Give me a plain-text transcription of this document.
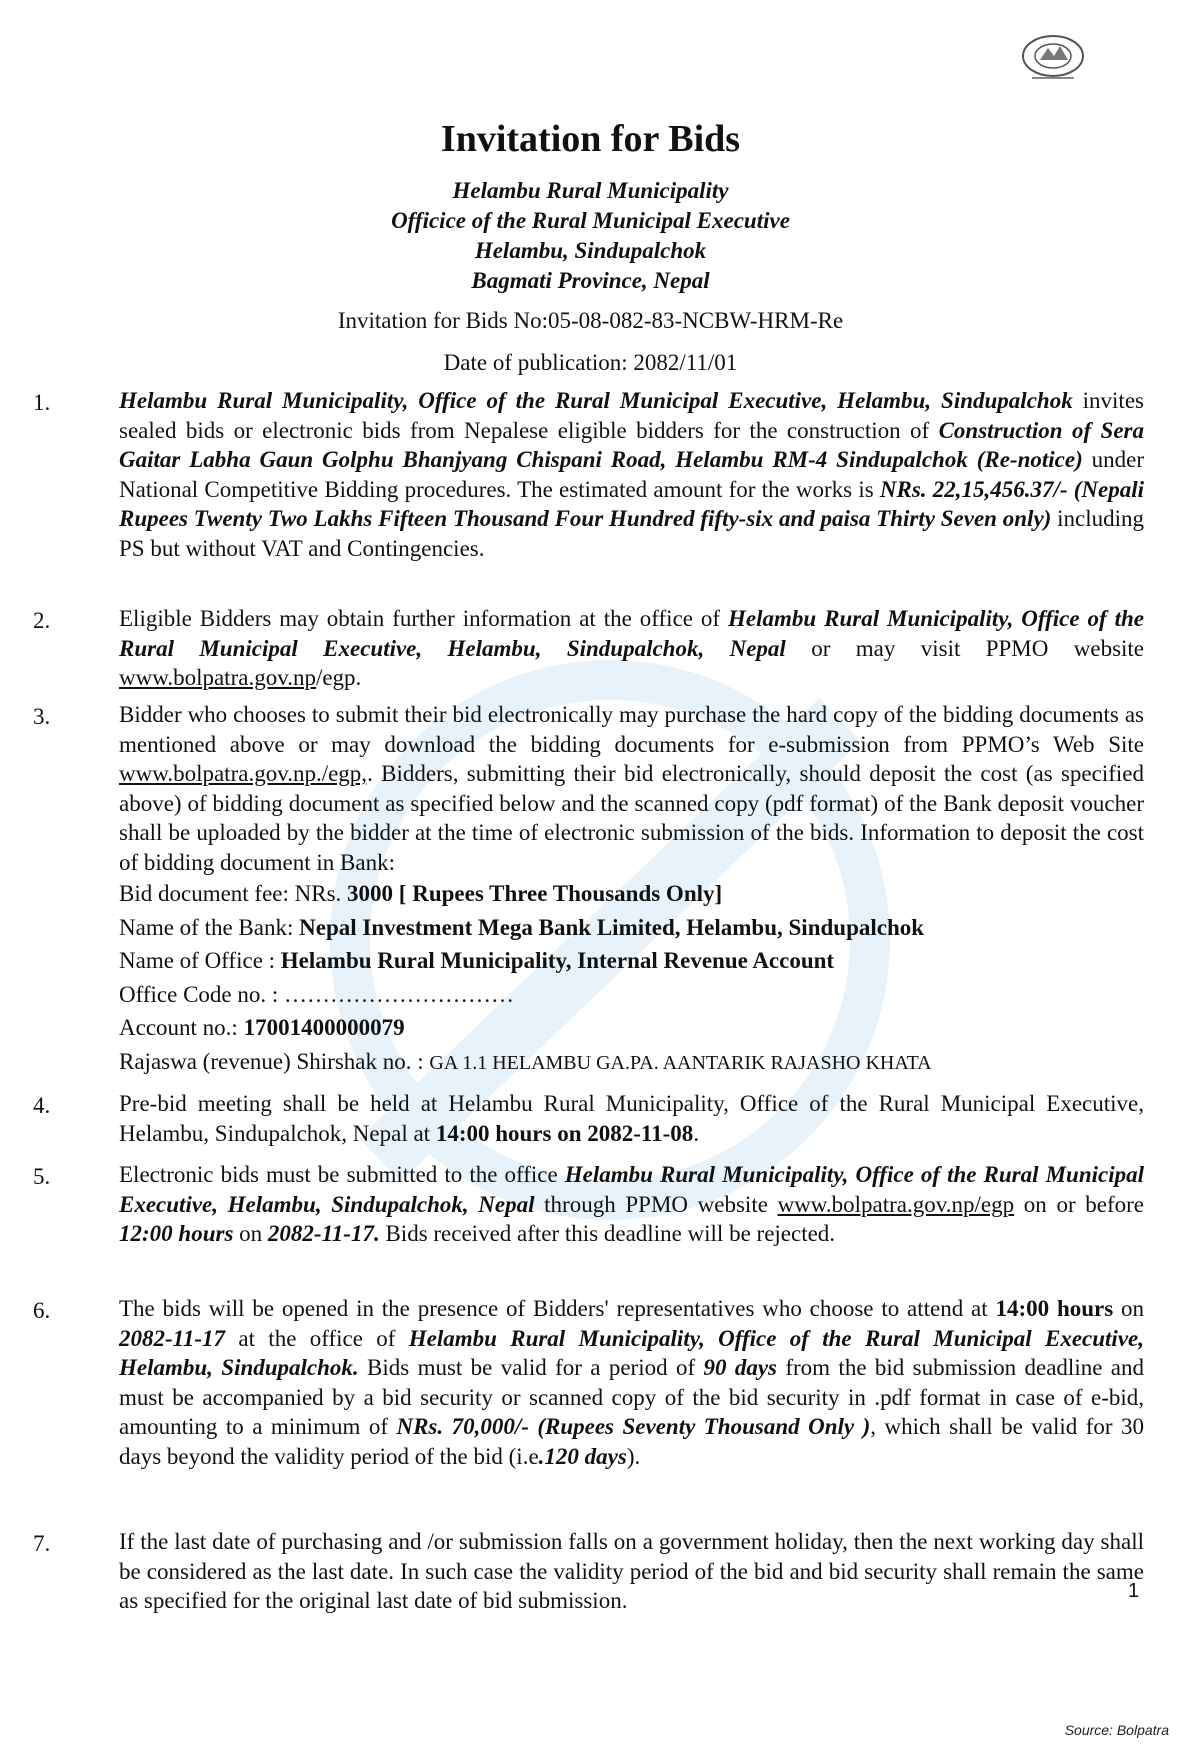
Invitation for Bids

Helambu Rural Municipality

Officice of the Rural Municipal Executive

Helambu, Sindupalchok

Bagmati Province, Nepal

Invitation for Bids No:05-08-082-83-NCBW-HRM-Re

Date of publication: 2082/11/01

1.	Helambu Rural Municipality, Office of the Rural Municipal Executive, Helambu, Sindupalchok invites sealed bids or electronic bids from Nepalese eligible bidders for the construction of Construction of Sera Gaitar Labha Gaun Golphu Bhanjyang Chispani Road, Helambu RM-4 Sindupalchok (Re-notice) under National Competitive Bidding procedures. The estimated amount for the works is NRs. 22,15,456.37/- (Nepali Rupees Twenty Two Lakhs Fifteen Thousand Four Hundred fifty-six and paisa Thirty Seven only) including PS but without VAT and Contingencies.

2.	Eligible Bidders may obtain further information at the office of Helambu Rural Municipality, Office of the Rural Municipal Executive, Helambu, Sindupalchok, Nepal or may visit PPMO website www.bolpatra.gov.np/egp.

3.	Bidder who chooses to submit their bid electronically may purchase the hard copy of the bidding documents as mentioned above or may download the bidding documents for e-submission from PPMO’s Web Site www.bolpatra.gov.np./egp,. Bidders, submitting their bid electronically, should deposit the cost (as specified above) of bidding document as specified below and the scanned copy (pdf format) of the Bank deposit voucher shall be uploaded by the bidder at the time of electronic submission of the bids. Information to deposit the cost of bidding document in Bank:

Bid document fee: NRs. 3000 [ Rupees Three Thousands Only]

Name of the Bank: Nepal Investment Mega Bank Limited, Helambu, Sindupalchok

Name of Office : Helambu Rural Municipality, Internal Revenue Account

Office Code no. : …………………………

Account no.: 17001400000079

Rajaswa (revenue) Shirshak no. : GA 1.1 HELAMBU GA.PA. AANTARIK RAJASHO KHATA

4.	Pre-bid meeting shall be held at Helambu Rural Municipality, Office of the Rural Municipal Executive, Helambu, Sindupalchok, Nepal at 14:00 hours on 2082-11-08.

5.	Electronic bids must be submitted to the office Helambu Rural Municipality, Office of the Rural Municipal Executive, Helambu, Sindupalchok, Nepal through PPMO website www.bolpatra.gov.np/egp on or before 12:00 hours on 2082-11-17. Bids received after this deadline will be rejected.

6.	The bids will be opened in the presence of Bidders' representatives who choose to attend at 14:00 hours on 2082-11-17 at the office of Helambu Rural Municipality, Office of the Rural Municipal Executive, Helambu, Sindupalchok. Bids must be valid for a period of 90 days from the bid submission deadline and must be accompanied by a bid security or scanned copy of the bid security in .pdf format in case of e-bid, amounting to a minimum of NRs. 70,000/- (Rupees Seventy Thousand Only ), which shall be valid for 30 days beyond the validity period of the bid (i.e.120 days).

7.	If the last date of purchasing and /or submission falls on a government holiday, then the next working day shall be considered as the last date. In such case the validity period of the bid and bid security shall remain the same as specified for the original last date of bid submission.	1
Source: Bolpatra
